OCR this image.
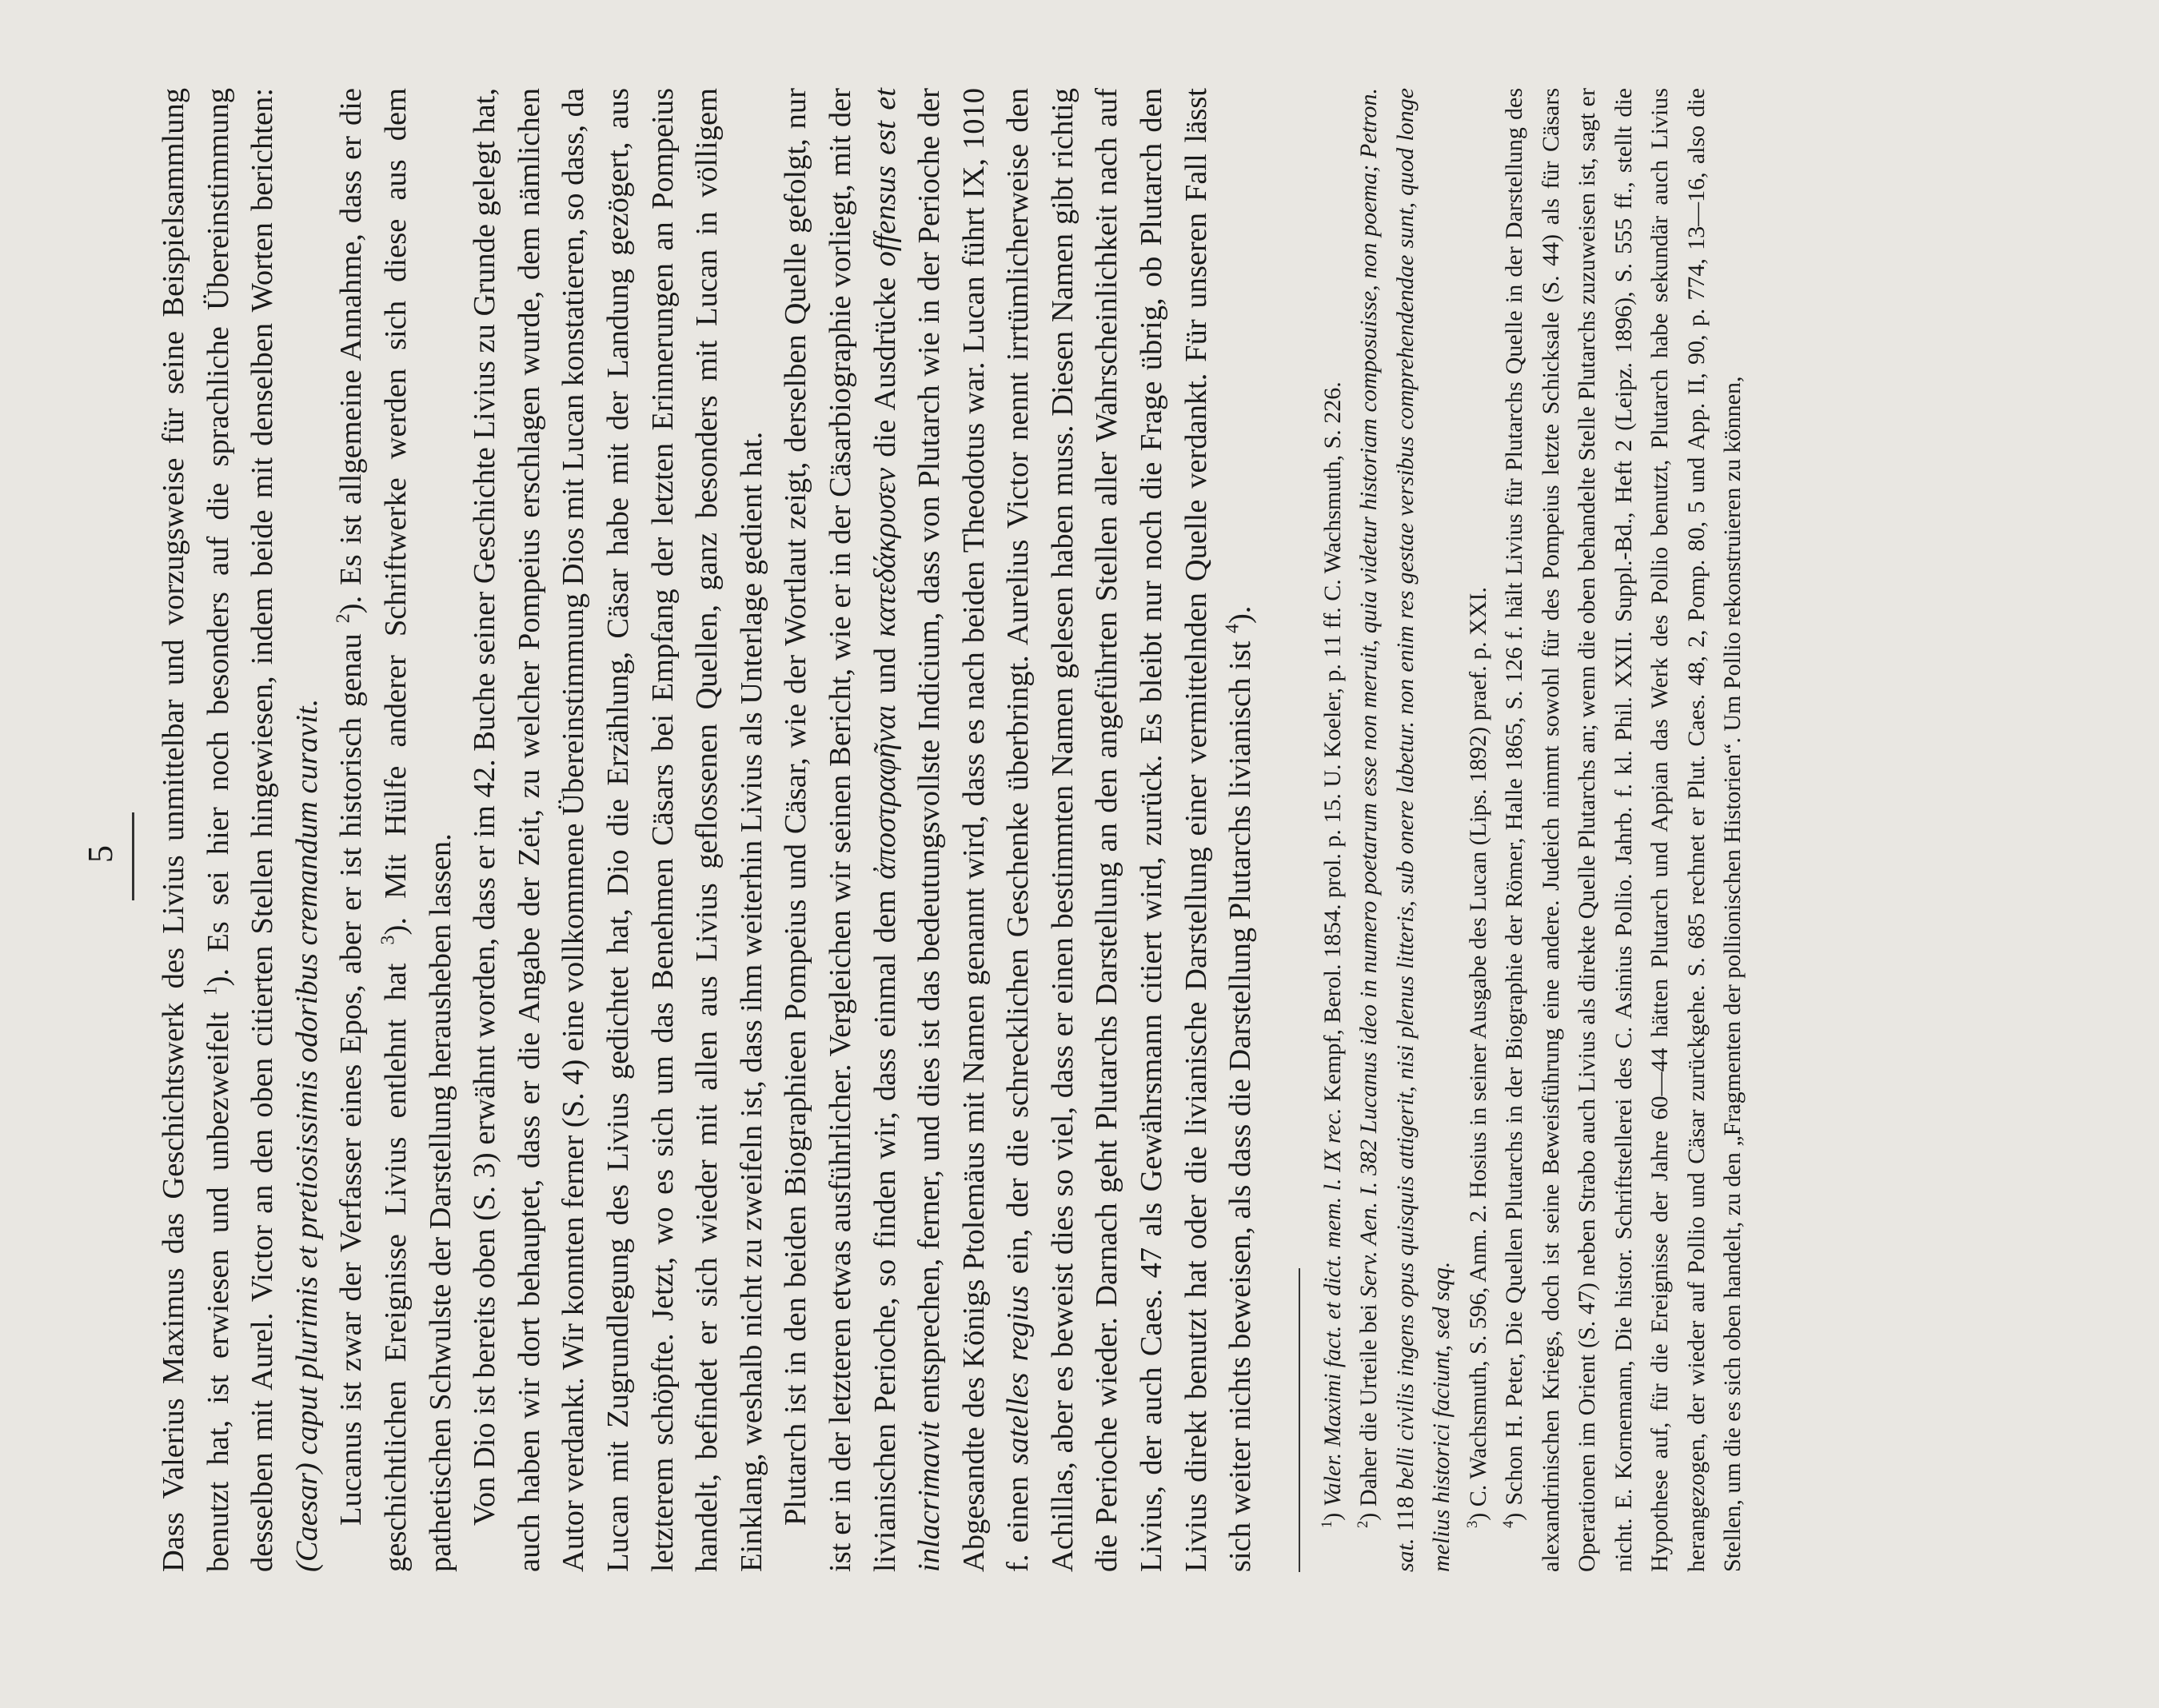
5 Dass Valerius Maximus das Geschichtswerk des Livius unmittelbar und vorzugsweise für seine Beispielsammlung benutzt hat, ist erwiesen und unbezweifelt $^1$). Es sei hier noch besonders auf die sprachliche Übereinstimmung desselben mit Aurel. Victor an den oben citierten Stellen hingewiesen, indem beide mit denselben Worten berichten: (Caesar) caput plurimis et pretiosissimis odoribus cremandum curavit. Lucanus ist zwar der Verfasser eines Epos, aber er ist historisch genau $^2$). Es ist allgemeine Annahme, dass er die geschichtlichen Ereignisse Livius entlehnt hat $^3$). Mit Hülfe anderer Schriftwerke werden sich diese aus dem pathetischen Schwulste der Darstellung herausheben lassen. Von Dio ist bereits oben (S. 3) erwähnt worden, dass er im 42. Buche seiner Geschichte Livius zu Grunde gelegt hat, auch haben wir dort behauptet, dass er die Angabe der Zeit, zu welcher Pompeius erschlagen wurde, dem nämlichen Autor verdankt. Wir konnten ferner (S. 4) eine vollkommene Übereinstimmung Dios mit Lucan konstatieren, so dass, da Lucan mit Zugrundlegung des Livius gedichtet hat, Dio die Erzählung, Cäsar habe mit der Landung gezögert, aus letzterem schöpfte. Jetzt, wo es sich um das Benehmen Cäsars bei Empfang der letzten Erinnerungen an Pompeius handelt, befindet er sich wieder mit allen aus Livius geflossenen Quellen, ganz besonders mit Lucan in völligem Einklang, weshalb nicht zu zweifeln ist, dass ihm weiterhin Livius als Unterlage gedient hat. Plutarch ist in den beiden Biographieen Pompeius und Cäsar, wie der Wortlaut zeigt, derselben Quelle gefolgt, nur ist er in der letzteren etwas ausführlicher. Vergleichen wir seinen Bericht, wie er in der Cäsarbiographie vorliegt, mit der livianischen Perioche, so finden wir, dass einmal dem ἀποστραφῆναι und κατεδάκρυσεν die Ausdrücke offensus est et inlacrimavit entsprechen, ferner, und dies ist das bedeutungsvollste Indicium, dass von Plutarch wie in der Perioche der Abgesandte des Königs Ptolemäus mit Namen genannt wird, dass es nach beiden Theodotus war. Lucan führt IX, 1010 f. einen satelles regius ein, der die schrecklichen Geschenke überbringt. Aurelius Victor nennt irrtümlicherweise den Achillas, aber es beweist dies so viel, dass er einen bestimmten Namen gelesen haben muss. Diesen Namen gibt richtig die Perioche wieder. Darnach geht Plutarchs Darstellung an den angeführten Stellen aller Wahrscheinlichkeit nach auf Livius, der auch Caes. 47 als Gewährsmann citiert wird, zurück. Es bleibt nur noch die Frage übrig, ob Plutarch den Livius direkt benutzt hat oder die livianische Darstellung einer vermittelnden Quelle verdankt. Für unseren Fall lässt sich weiter nichts beweisen, als dass die Darstellung Plutarchs livianisch ist $^4$).

$^1$) Valer. Maximi fact. et dict. mem. l. IX rec. Kempf, Berol. 1854. prol. p. 15. U. Koeler, p. 11 ff. C. Wachsmuth, S. 226.

$^2$) Daher die Urteile bei Serv. Aen. I. 382 Lucanus ideo in numero poetarum esse non meruit, quia videtur historiam composuisse, non poema; Petron. sat. 118 belli civilis ingens opus quisquis attigerit, nisi plenus litteris, sub onere labetur. non enim res gestae versibus comprehendendae sunt, quod longe melius historici faciunt, sed sqq. $^3$) C. Wachsmuth, S. 596, Anm. 2. Hosius in seiner Ausgabe des Lucan (Lips. 1892) praef. p. XXI.

$^4$) Schon H. Peter, Die Quellen Plutarchs in der Biographie der Römer, Halle 1865, S. 126 f. hält Livius für Plutarchs Quelle in der Darstellung des alexandrinischen Kriegs, doch ist seine Beweisführung eine andere. Judeich nimmt sowohl für des Pompeius letzte Schicksale (S. 44) als für Cäsars Operationen im Orient (S. 47) neben Strabo auch Livius als direkte Quelle Plutarchs an; wenn die oben behandelte Stelle Plutarchs zuzuweisen ist, sagt er nicht. E. Kornemann, Die histor. Schriftstellerei des C. Asinius Pollio. Jahrb. f. kl. Phil. XXII. Suppl.-Bd., Heft 2 (Leipz. 1896), S. 555 ff., stellt die Hypothese auf, für die Ereignisse der Jahre 60—44 hätten Plutarch und Appian das Werk des Pollio benutzt, Plutarch habe sekundär auch Livius herangezogen, der wieder auf Pollio und Cäsar zurückgehe. S. 685 rechnet er Plut. Caes. 48, 2, Pomp. 80, 5 und App. II, 90, p. 774, 13—16, also die Stellen, um die es sich oben handelt, zu den „Fragmenten der pollionischen Historien“. Um Pollio rekonstruieren zu können,
